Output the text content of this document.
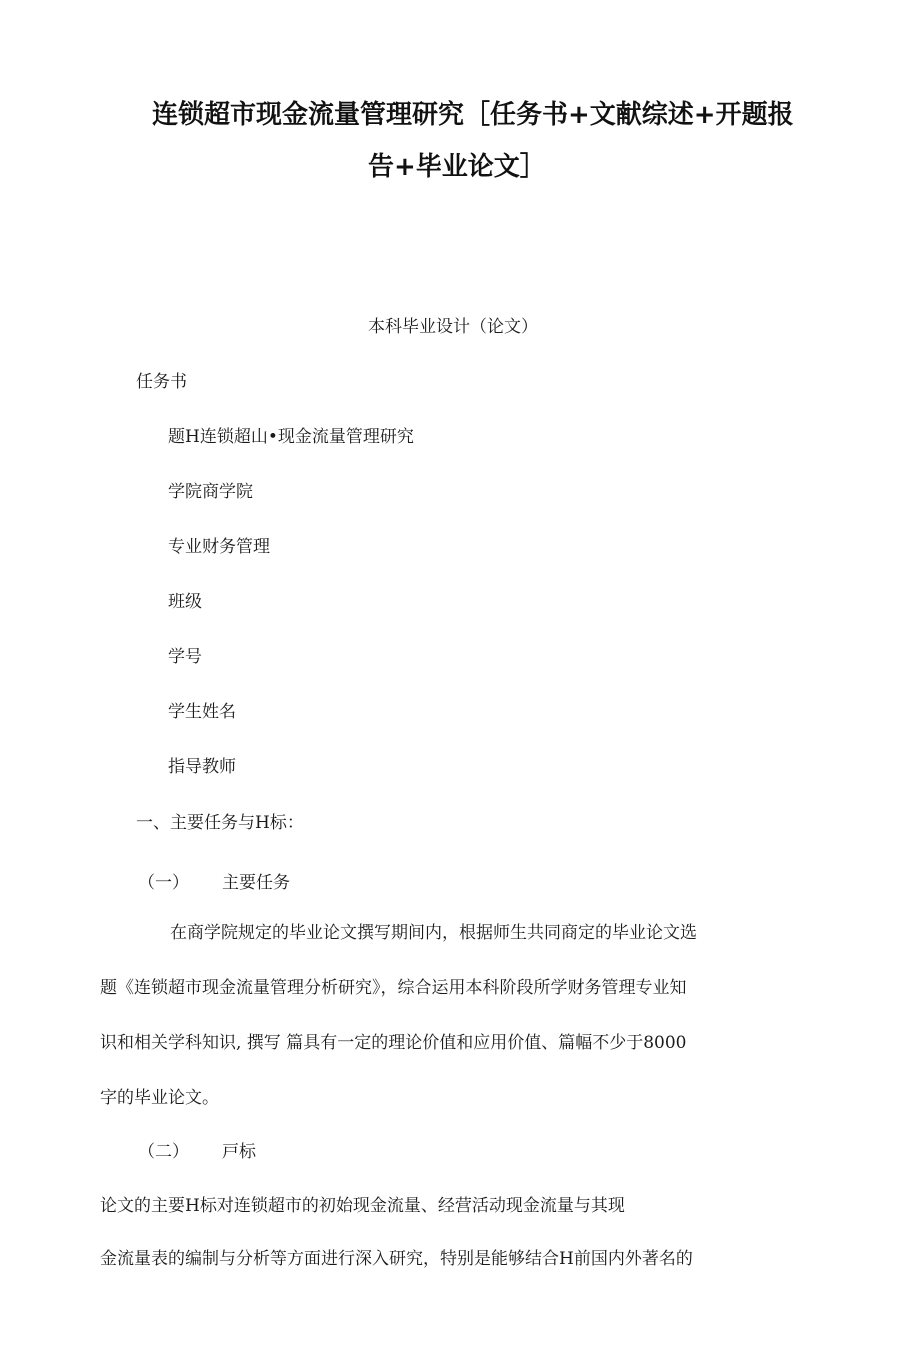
连锁超市现金流量管理研究［任务书+文献综述+开题报
告+毕业论文］
本科毕业设计（论文）
任务书
题H连锁超山•现金流量管理研究
学院商学院
专业财务管理
班级
学号
学生姓名
指导教师
一、主要任务与H标：
（一） 主要任务
在商学院规定的毕业论文撰写期间内，根据师生共同商定的毕业论文选
题《连锁超市现金流量管理分析研究》，综合运用本科阶段所学财务管理专业知
识和相关学科知识, 撰写 篇具有一定的理论价值和应用价值、篇幅不少于8000
字的毕业论文。
（二） 戸标
论文的主要H标对连锁超市的初始现金流量、经营活动现金流量与其现
金流量表的编制与分析等方面进行深入研究，特别是能够结合H前国内外著名的
